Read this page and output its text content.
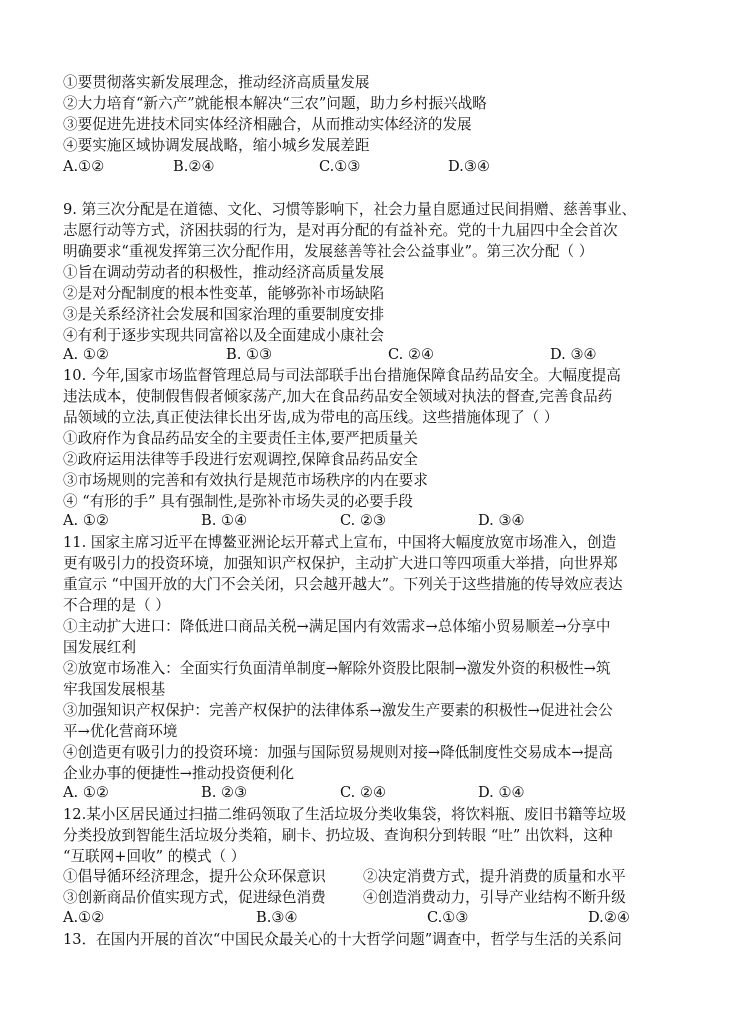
①要贯彻落实新发展理念，推动经济高质量发展
②大力培育“新六产”就能根本解决“三农”问题，助力乡村振兴战略
③要促进先进技术同实体经济相融合，从而推动实体经济的发展
④要实施区域协调发展战略，缩小城乡发展差距
A.①②	B.②④	C.①③	D.③④
9. 第三次分配是在道德、文化、习惯等影响下，社会力量自愿通过民间捐赠、慈善事业、
志愿行动等方式，济困扶弱的行为，是对再分配的有益补充。党的十九届四中全会首次
明确要求“重视发挥第三次分配作用，发展慈善等社会公益事业”。第三次分配（ ）
①旨在调动劳动者的积极性，推动经济高质量发展
②是对分配制度的根本性变革，能够弥补市场缺陷
③是关系经济社会发展和国家治理的重要制度安排
④有利于逐步实现共同富裕以及全面建成小康社会
A. ①②	B. ①③	C. ②④	D. ③④
10. 今年,国家市场监督管理总局与司法部联手出台措施保障食品药品安全。大幅度提高
违法成本，使制假售假者倾家荡产,加大在食品药品安全领域对执法的督查,完善食品药
品领域的立法,真正使法律长出牙齿,成为带电的高压线。这些措施体现了（ ）
①政府作为食品药品安全的主要责任主体,要严把质量关
②政府运用法律等手段进行宏观调控,保障食品药品安全
③市场规则的完善和有效执行是规范市场秩序的内在要求
④ “有形的手” 具有强制性,是弥补市场失灵的必要手段
A. ①②	B. ①④	C. ②③	D. ③④
11. 国家主席习近平在博鳌亚洲论坛开幕式上宣布，中国将大幅度放宽市场准入，创造
更有吸引力的投资环境，加强知识产权保护，主动扩大进口等四项重大举措，向世界郑
重宣示 “中国开放的大门不会关闭，只会越开越大”。下列关于这些措施的传导效应表达
不合理的是（ ）
①主动扩大进口：降低进口商品关税→满足国内有效需求→总体缩小贸易顺差→分享中
国发展红利
②放宽市场准入：全面实行负面清单制度→解除外资股比限制→激发外资的积极性→筑
牢我国发展根基
③加强知识产权保护：完善产权保护的法律体系→激发生产要素的积极性→促进社会公
平→优化营商环境
④创造更有吸引力的投资环境：加强与国际贸易规则对接→降低制度性交易成本→提高
企业办事的便捷性→推动投资便利化
A. ①②	B. ②③	C. ②④	D. ①④
12.某小区居民通过扫描二维码领取了生活垃圾分类收集袋，将饮料瓶、废旧书籍等垃圾
分类投放到智能生活垃圾分类箱，刷卡、扔垃圾、查询积分到转眼 “吐” 出饮料，这种
“互联网+回收” 的模式（ ）
①倡导循环经济理念，提升公众环保意识	②决定消费方式，提升消费的质量和水平
③创新商品价值实现方式，促进绿色消费	④创造消费动力，引导产业结构不断升级
A.①②	B.③④	C.①③	D.②④
13．在国内开展的首次“中国民众最关心的十大哲学问题”调查中，哲学与生活的关系问
